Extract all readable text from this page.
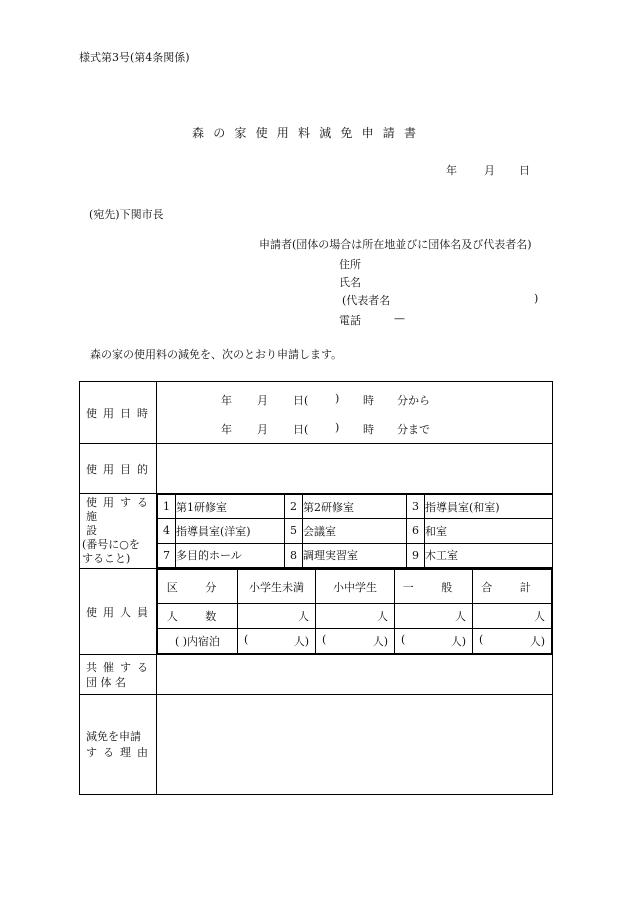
様式第3号(第4条関係)
森の家使用料減免申請書
年 月 日
(宛先)下関市長
申請者(団体の場合は所在地並びに団体名及び代表者名)
住所
氏名
(代表者名	)
電話	—
森の家の使用料の減免を、次のとおり申請します。
使用日時

年 月 日( ) 時 分から
年 月 日( ) 時 分まで

使用目的

使用する
施 設
(番号に○を
すること)

1	第1研修室	2	第2研修室	3	指導員室(和室)
4	指導員室(洋室)	5	会議室	6	和室
7	多目的ホール	8	調理実習室	9	木工室

使用人員

区 分	小学生未満	小中学生	一 般	合 計
人 数	人	人	人	人
( )内宿泊	(	人)	(	人)	(	人)	(	人)

共催する
団 体 名

減免を申請
する理由
